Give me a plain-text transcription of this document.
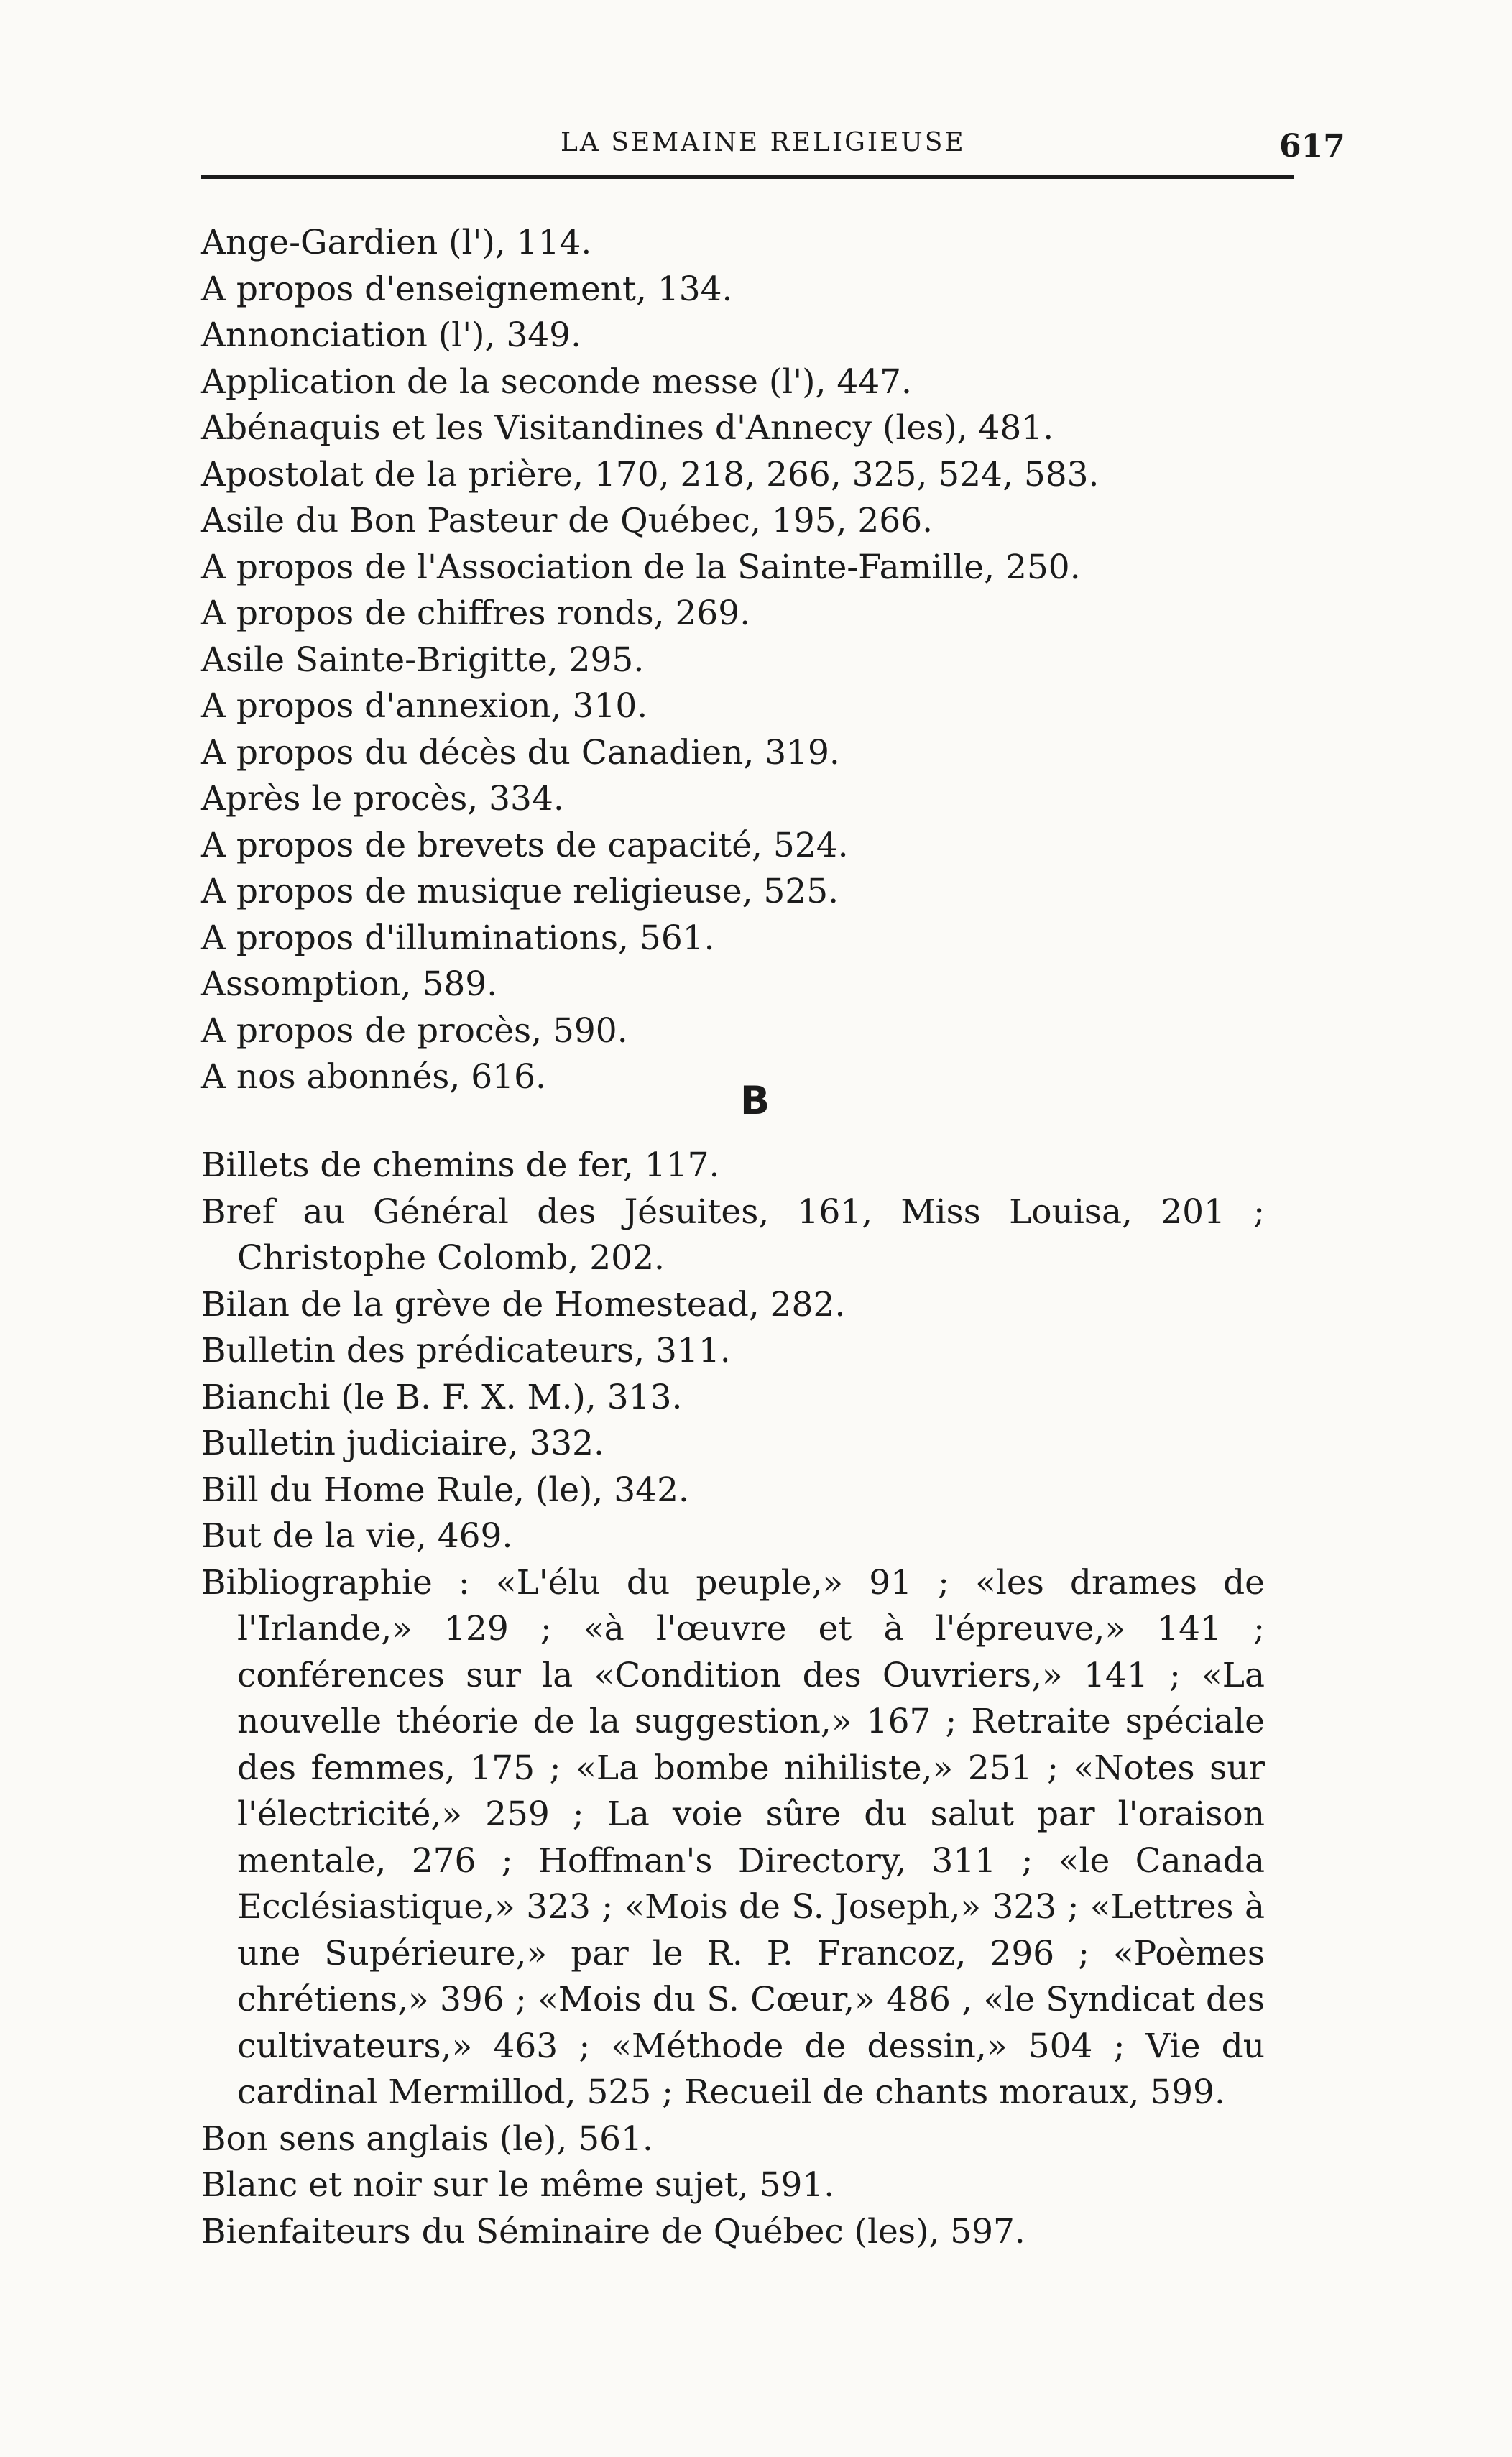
LA SEMAINE RELIGIEUSE	617
Ange-Gardien (l'), 114.
A propos d'enseignement, 134.
Annonciation (l'), 349.
Application de la seconde messe (l'), 447.
Abénaquis et les Visitandines d'Annecy (les), 481.
Apostolat de la prière, 170, 218, 266, 325, 524, 583.
Asile du Bon Pasteur de Québec, 195, 266.
A propos de l'Association de la Sainte-Famille, 250.
A propos de chiffres ronds, 269.
Asile Sainte-Brigitte, 295.
A propos d'annexion, 310.
A propos du décès du Canadien, 319.
Après le procès, 334.
A propos de brevets de capacité, 524.
A propos de musique religieuse, 525.
A propos d'illuminations, 561.
Assomption, 589.
A propos de procès, 590.
A nos abonnés, 616.
B
Billets de chemins de fer, 117.
Bref au Général des Jésuites, 161, Miss Louisa, 201 ; Christophe Colomb, 202.
Bilan de la grève de Homestead, 282.
Bulletin des prédicateurs, 311.
Bianchi (le B. F. X. M.), 313.
Bulletin judiciaire, 332.
Bill du Home Rule, (le), 342.
But de la vie, 469.
Bibliographie : «L'élu du peuple,» 91 ; «les drames de l'Irlande,» 129 ; «à l'œuvre et à l'épreuve,» 141 ; conférences sur la «Condition des Ouvriers,» 141 ; «La nouvelle théorie de la suggestion,» 167 ; Retraite spéciale des femmes, 175 ; «La bombe nihiliste,» 251 ; «Notes sur l'électricité,» 259 ; La voie sûre du salut par l'oraison mentale, 276 ; Hoffman's Directory, 311 ; «le Canada Ecclésiastique,» 323 ; «Mois de S. Joseph,» 323 ; «Lettres à une Supérieure,» par le R. P. Francoz, 296 ; «Poèmes chrétiens,» 396 ; «Mois du S. Cœur,» 486 , «le Syndicat des cultivateurs,» 463 ; «Méthode de dessin,» 504 ; Vie du cardinal Mermillod, 525 ; Recueil de chants moraux, 599.
Bon sens anglais (le), 561.
Blanc et noir sur le même sujet, 591.
Bienfaiteurs du Séminaire de Québec (les), 597.
